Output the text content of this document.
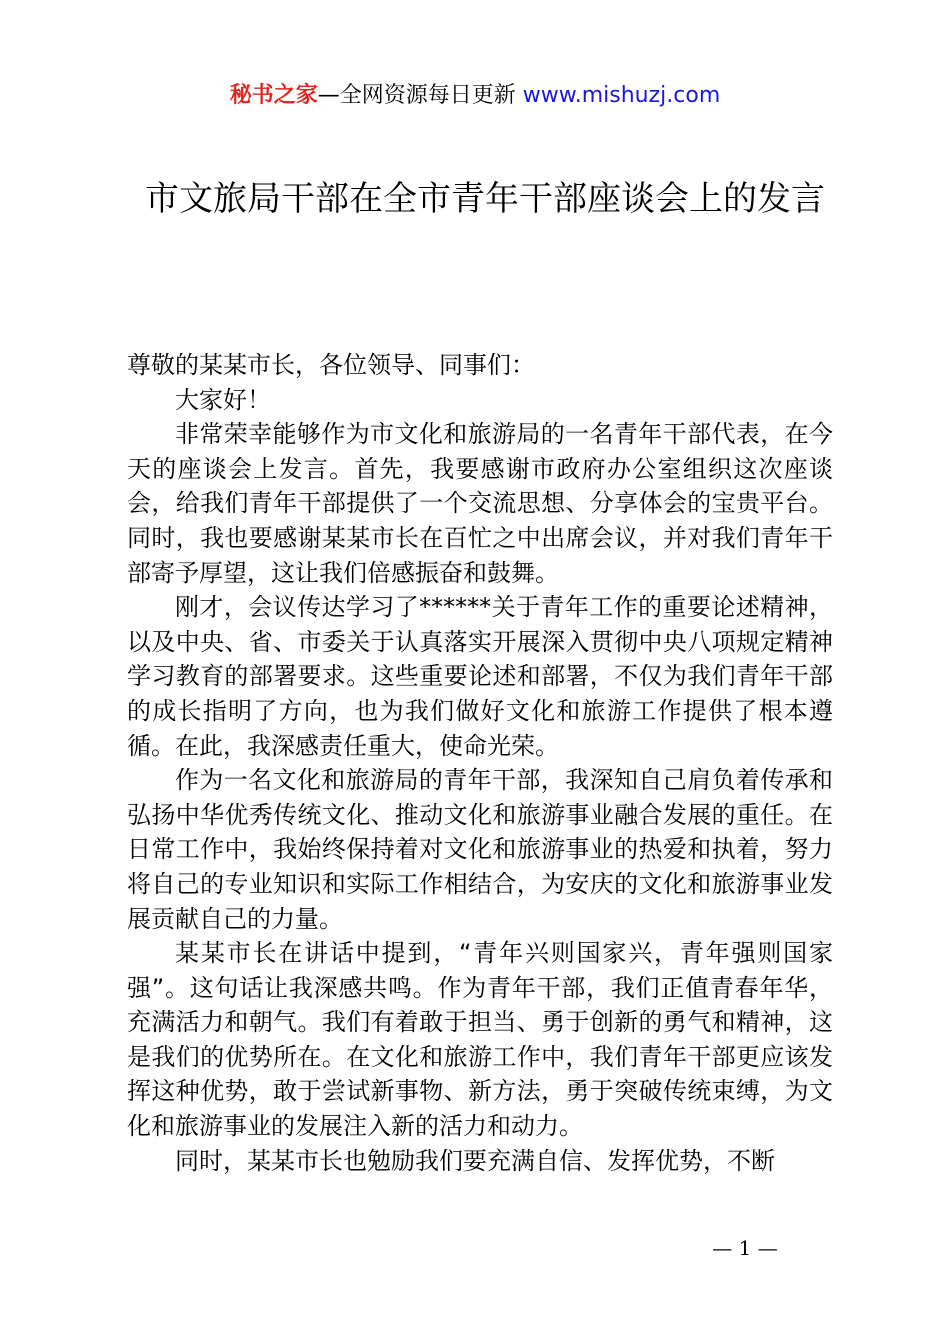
秘书之家—全网资源每日更新 www.mishuzj.com
市文旅局干部在全市青年干部座谈会上的发言

尊敬的某某市长，各位领导、同事们：

大家好！

非常荣幸能够作为市文化和旅游局的一名青年干部代表，在今天的座谈会上发言。首先，我要感谢市政府办公室组织这次座谈会，给我们青年干部提供了一个交流思想、分享体会的宝贵平台。同时，我也要感谢某某市长在百忙之中出席会议，并对我们青年干部寄予厚望，这让我们倍感振奋和鼓舞。

刚才，会议传达学习了******关于青年工作的重要论述精神，以及中央、省、市委关于认真落实开展深入贯彻中央八项规定精神学习教育的部署要求。这些重要论述和部署，不仅为我们青年干部的成长指明了方向，也为我们做好文化和旅游工作提供了根本遵循。在此，我深感责任重大，使命光荣。

作为一名文化和旅游局的青年干部，我深知自己肩负着传承和弘扬中华优秀传统文化、推动文化和旅游事业融合发展的重任。在日常工作中，我始终保持着对文化和旅游事业的热爱和执着，努力将自己的专业知识和实际工作相结合，为安庆的文化和旅游事业发展贡献自己的力量。

某某市长在讲话中提到，“青年兴则国家兴，青年强则国家强”。这句话让我深感共鸣。作为青年干部，我们正值青春年华，充满活力和朝气。我们有着敢于担当、勇于创新的勇气和精神，这是我们的优势所在。在文化和旅游工作中，我们青年干部更应该发挥这种优势，敢于尝试新事物、新方法，勇于突破传统束缚，为文化和旅游事业的发展注入新的活力和动力。

同时，某某市长也勉励我们要充满自信、发挥优势，不断

— 1 —
